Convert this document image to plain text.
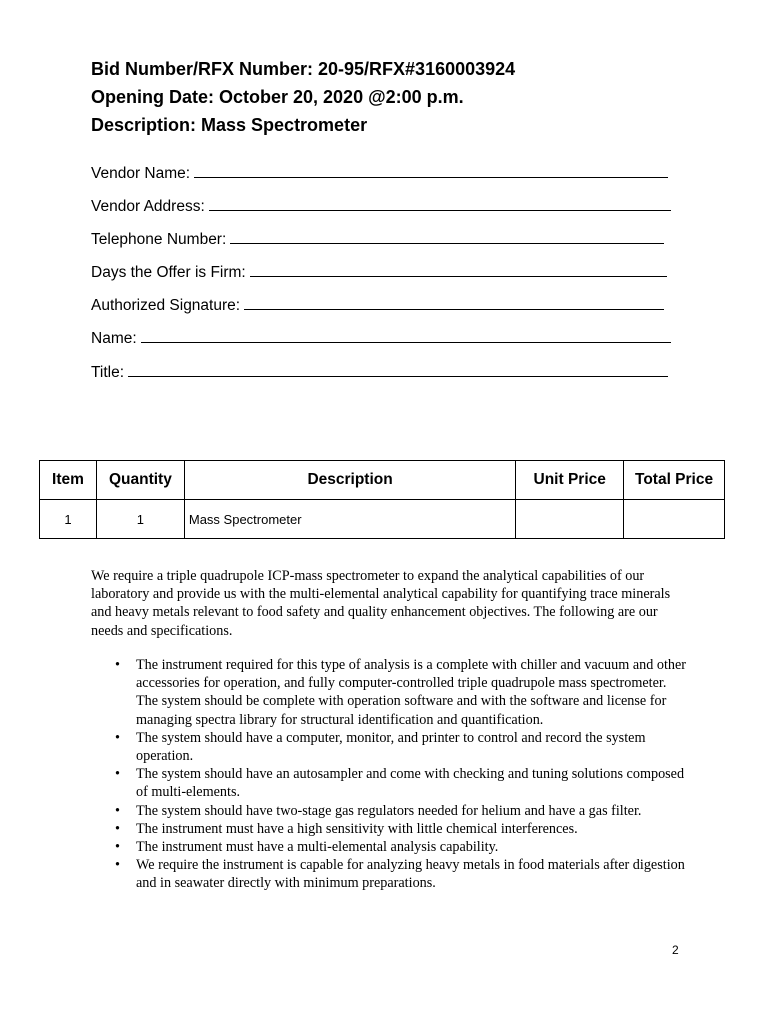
Bid Number/RFX Number: 20-95/RFX#3160003924
Opening Date: October 20, 2020 @2:00 p.m.
Description: Mass Spectrometer
Vendor Name:
Vendor Address:
Telephone Number:
Days the Offer is Firm:
Authorized Signature:
Name:
Title:
Item	Quantity	Description	Unit Price	Total Price
1	1	Mass Spectrometer		
We require a triple quadrupole ICP-mass spectrometer to expand the analytical capabilities of our laboratory and provide us with the multi-elemental analytical capability for quantifying trace minerals and heavy metals relevant to food safety and quality enhancement objectives. The following are our needs and specifications.
• The instrument required for this type of analysis is a complete with chiller and vacuum and other accessories for operation, and fully computer-controlled triple quadrupole mass spectrometer. The system should be complete with operation software and with the software and license for managing spectra library for structural identification and quantification.
• The system should have a computer, monitor, and printer to control and record the system operation.
• The system should have an autosampler and come with checking and tuning solutions composed of multi-elements.
• The system should have two-stage gas regulators needed for helium and have a gas filter.
• The instrument must have a high sensitivity with little chemical interferences.
• The instrument must have a multi-elemental analysis capability.
• We require the instrument is capable for analyzing heavy metals in food materials after digestion and in seawater directly with minimum preparations.
2
